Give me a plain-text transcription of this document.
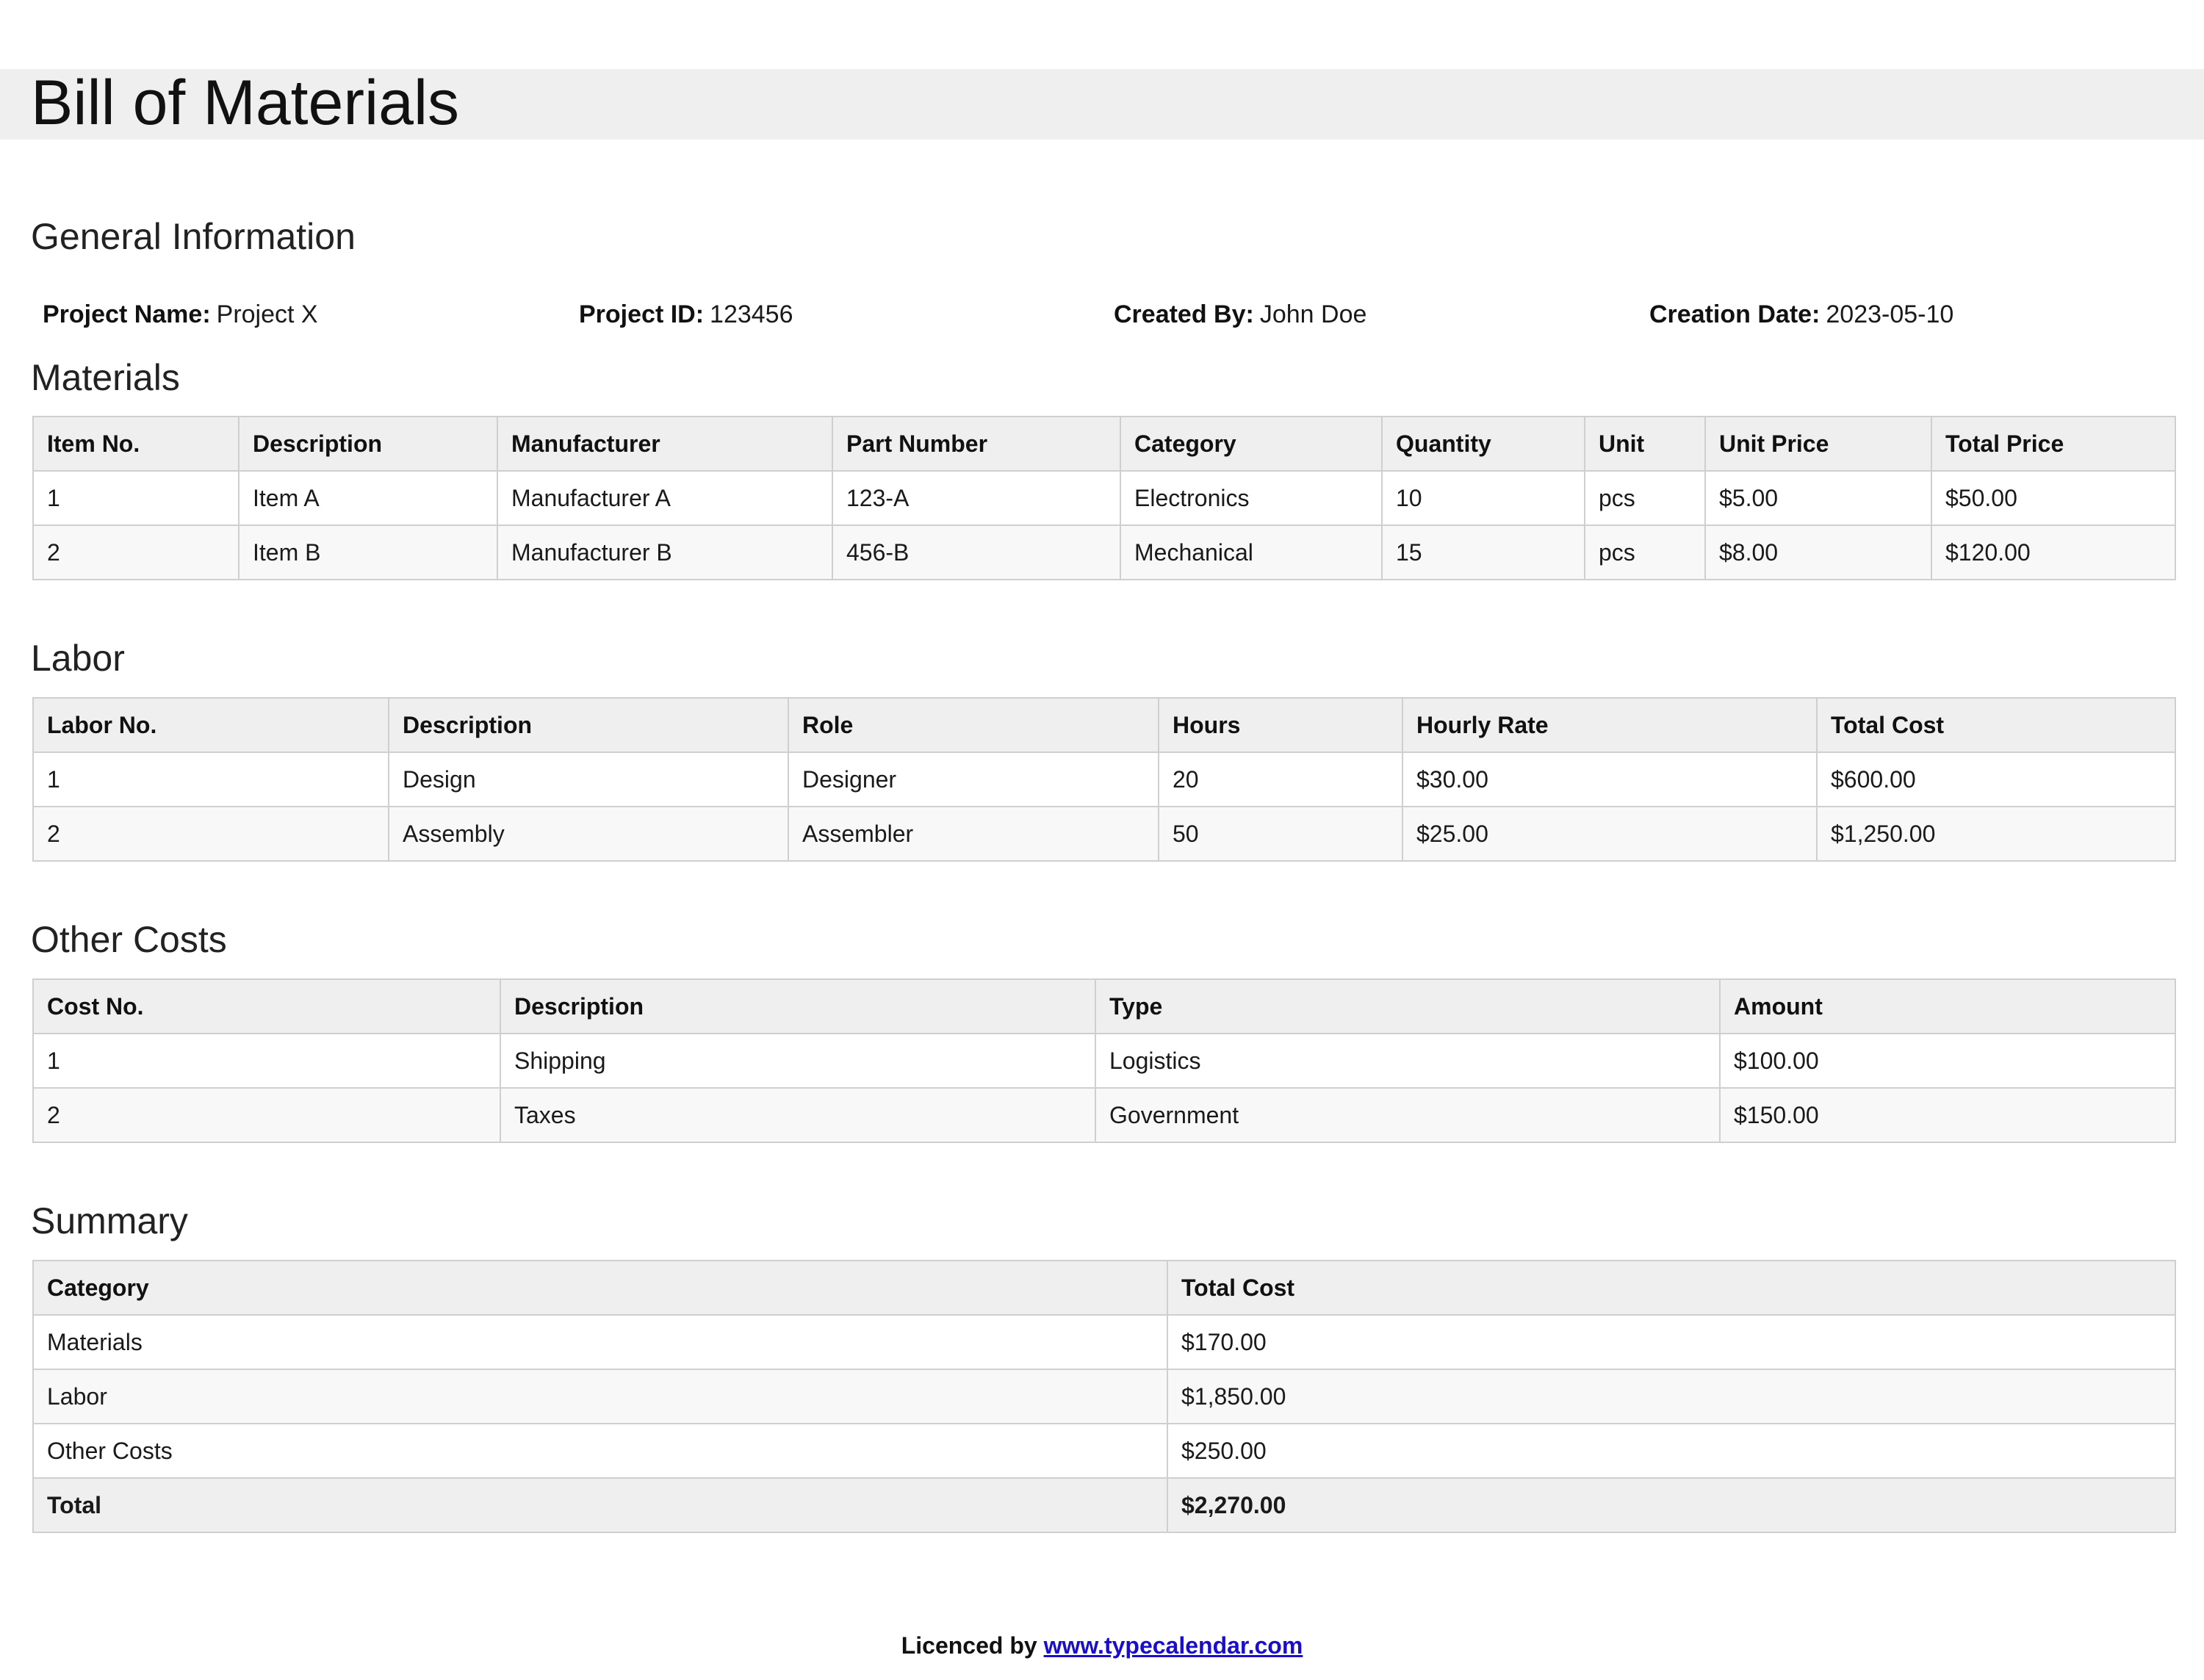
Bill of Materials
General Information
Project Name: Project X	Project ID: 123456	Created By: John Doe	Creation Date: 2023-05-10
Materials
Item No.	Description	Manufacturer	Part Number	Category	Quantity	Unit	Unit Price	Total Price
1	Item A	Manufacturer A	123-A	Electronics	10	pcs	$5.00	$50.00
2	Item B	Manufacturer B	456-B	Mechanical	15	pcs	$8.00	$120.00
Labor
Labor No.	Description	Role	Hours	Hourly Rate	Total Cost
1	Design	Designer	20	$30.00	$600.00
2	Assembly	Assembler	50	$25.00	$1,250.00
Other Costs
Cost No.	Description	Type	Amount
1	Shipping	Logistics	$100.00
2	Taxes	Government	$150.00
Summary
Category	Total Cost
Materials	$170.00
Labor	$1,850.00
Other Costs	$250.00
Total	$2,270.00
Licenced by www.typecalendar.com
